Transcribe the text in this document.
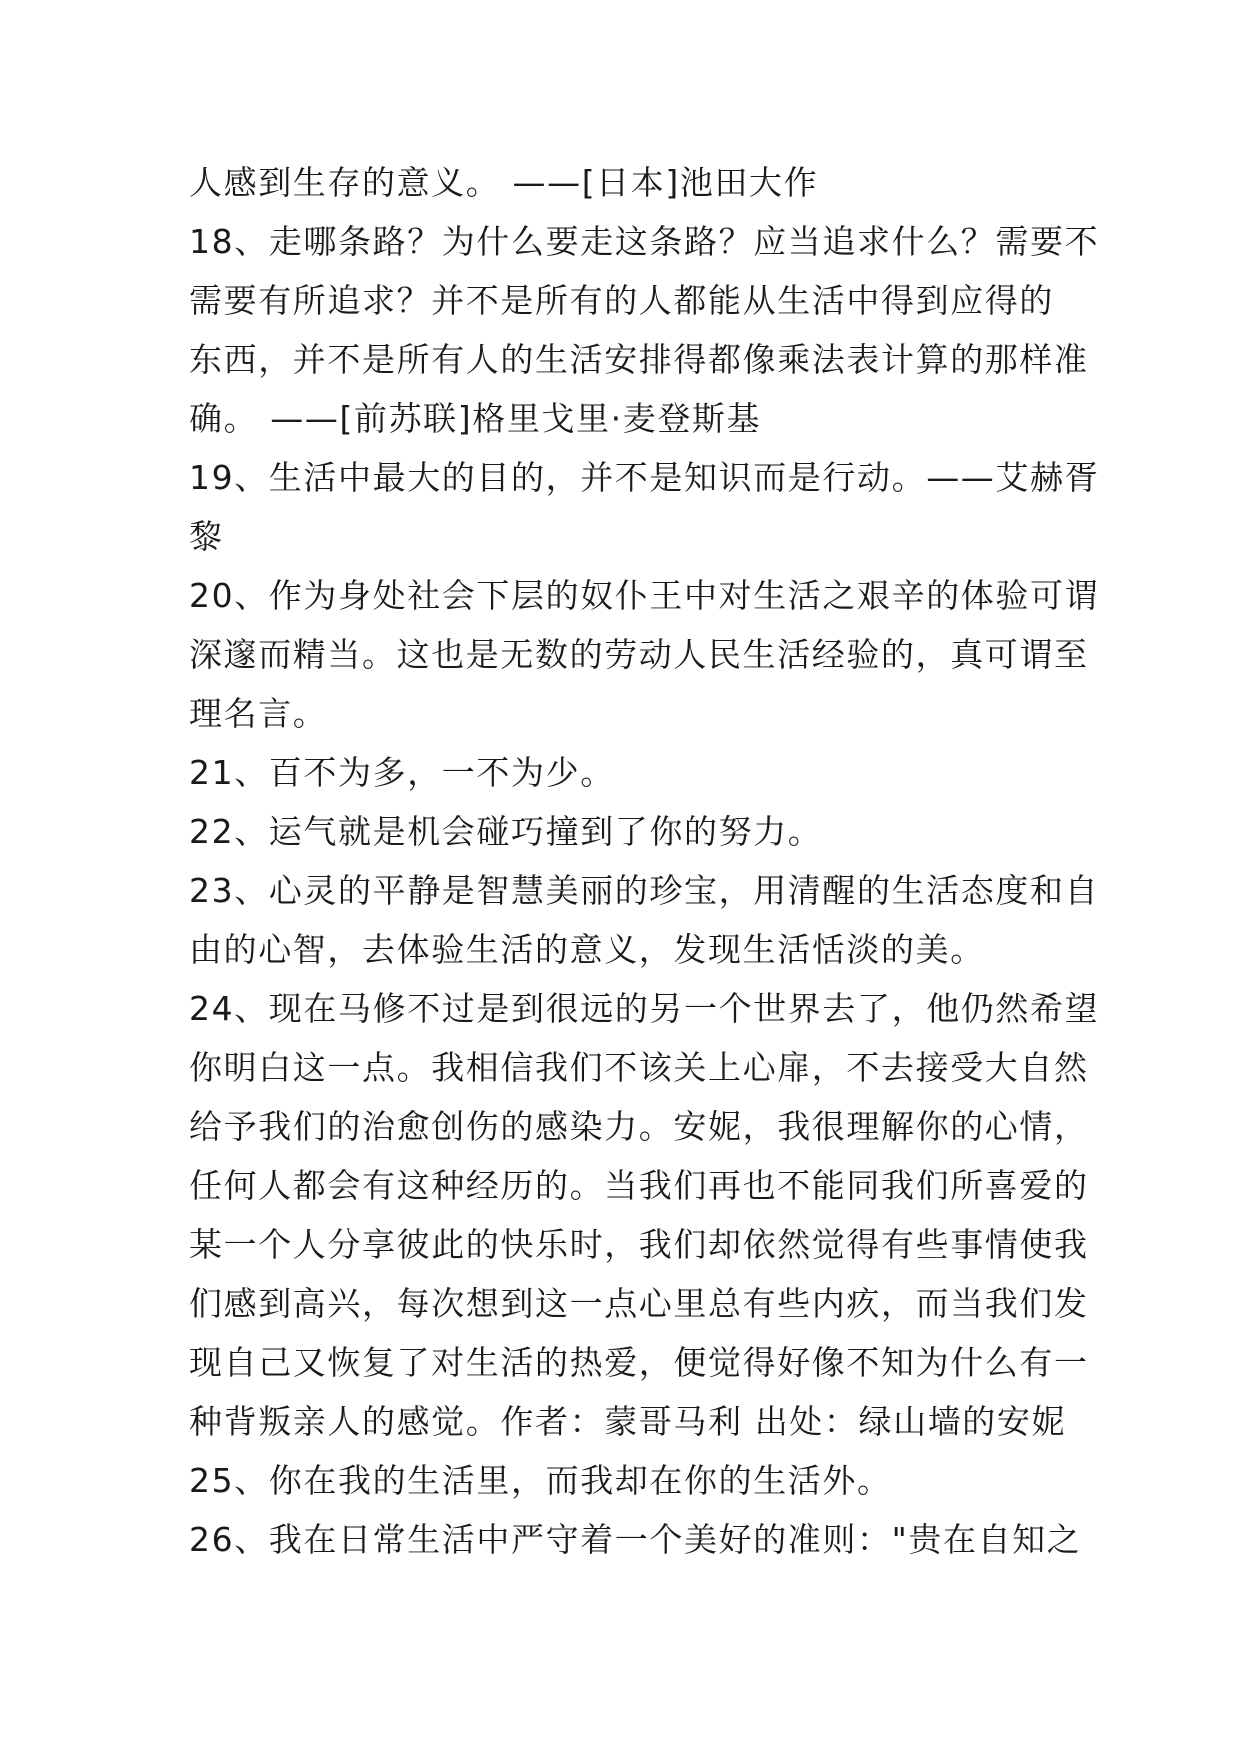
人感到生存的意义。 ——[日本]池田大作
18、走哪条路？为什么要走这条路？应当追求什么？需要不
需要有所追求？并不是所有的人都能从生活中得到应得的
东西，并不是所有人的生活安排得都像乘法表计算的那样准
确。 ——[前苏联]格里戈里·麦登斯基
19、生活中最大的目的，并不是知识而是行动。——艾赫胥
黎
20、作为身处社会下层的奴仆王中对生活之艰辛的体验可谓
深邃而精当。这也是无数的劳动人民生活经验的，真可谓至
理名言。
21、百不为多，一不为少。
22、运气就是机会碰巧撞到了你的努力。
23、心灵的平静是智慧美丽的珍宝，用清醒的生活态度和自
由的心智，去体验生活的意义，发现生活恬淡的美。
24、现在马修不过是到很远的另一个世界去了，他仍然希望
你明白这一点。我相信我们不该关上心扉，不去接受大自然
给予我们的治愈创伤的感染力。安妮，我很理解你的心情，
任何人都会有这种经历的。当我们再也不能同我们所喜爱的
某一个人分享彼此的快乐时，我们却依然觉得有些事情使我
们感到高兴，每次想到这一点心里总有些内疚，而当我们发
现自己又恢复了对生活的热爱，便觉得好像不知为什么有一
种背叛亲人的感觉。作者：蒙哥马利 出处：绿山墙的安妮
25、你在我的生活里，而我却在你的生活外。
26、我在日常生活中严守着一个美好的准则："贵在自知之
